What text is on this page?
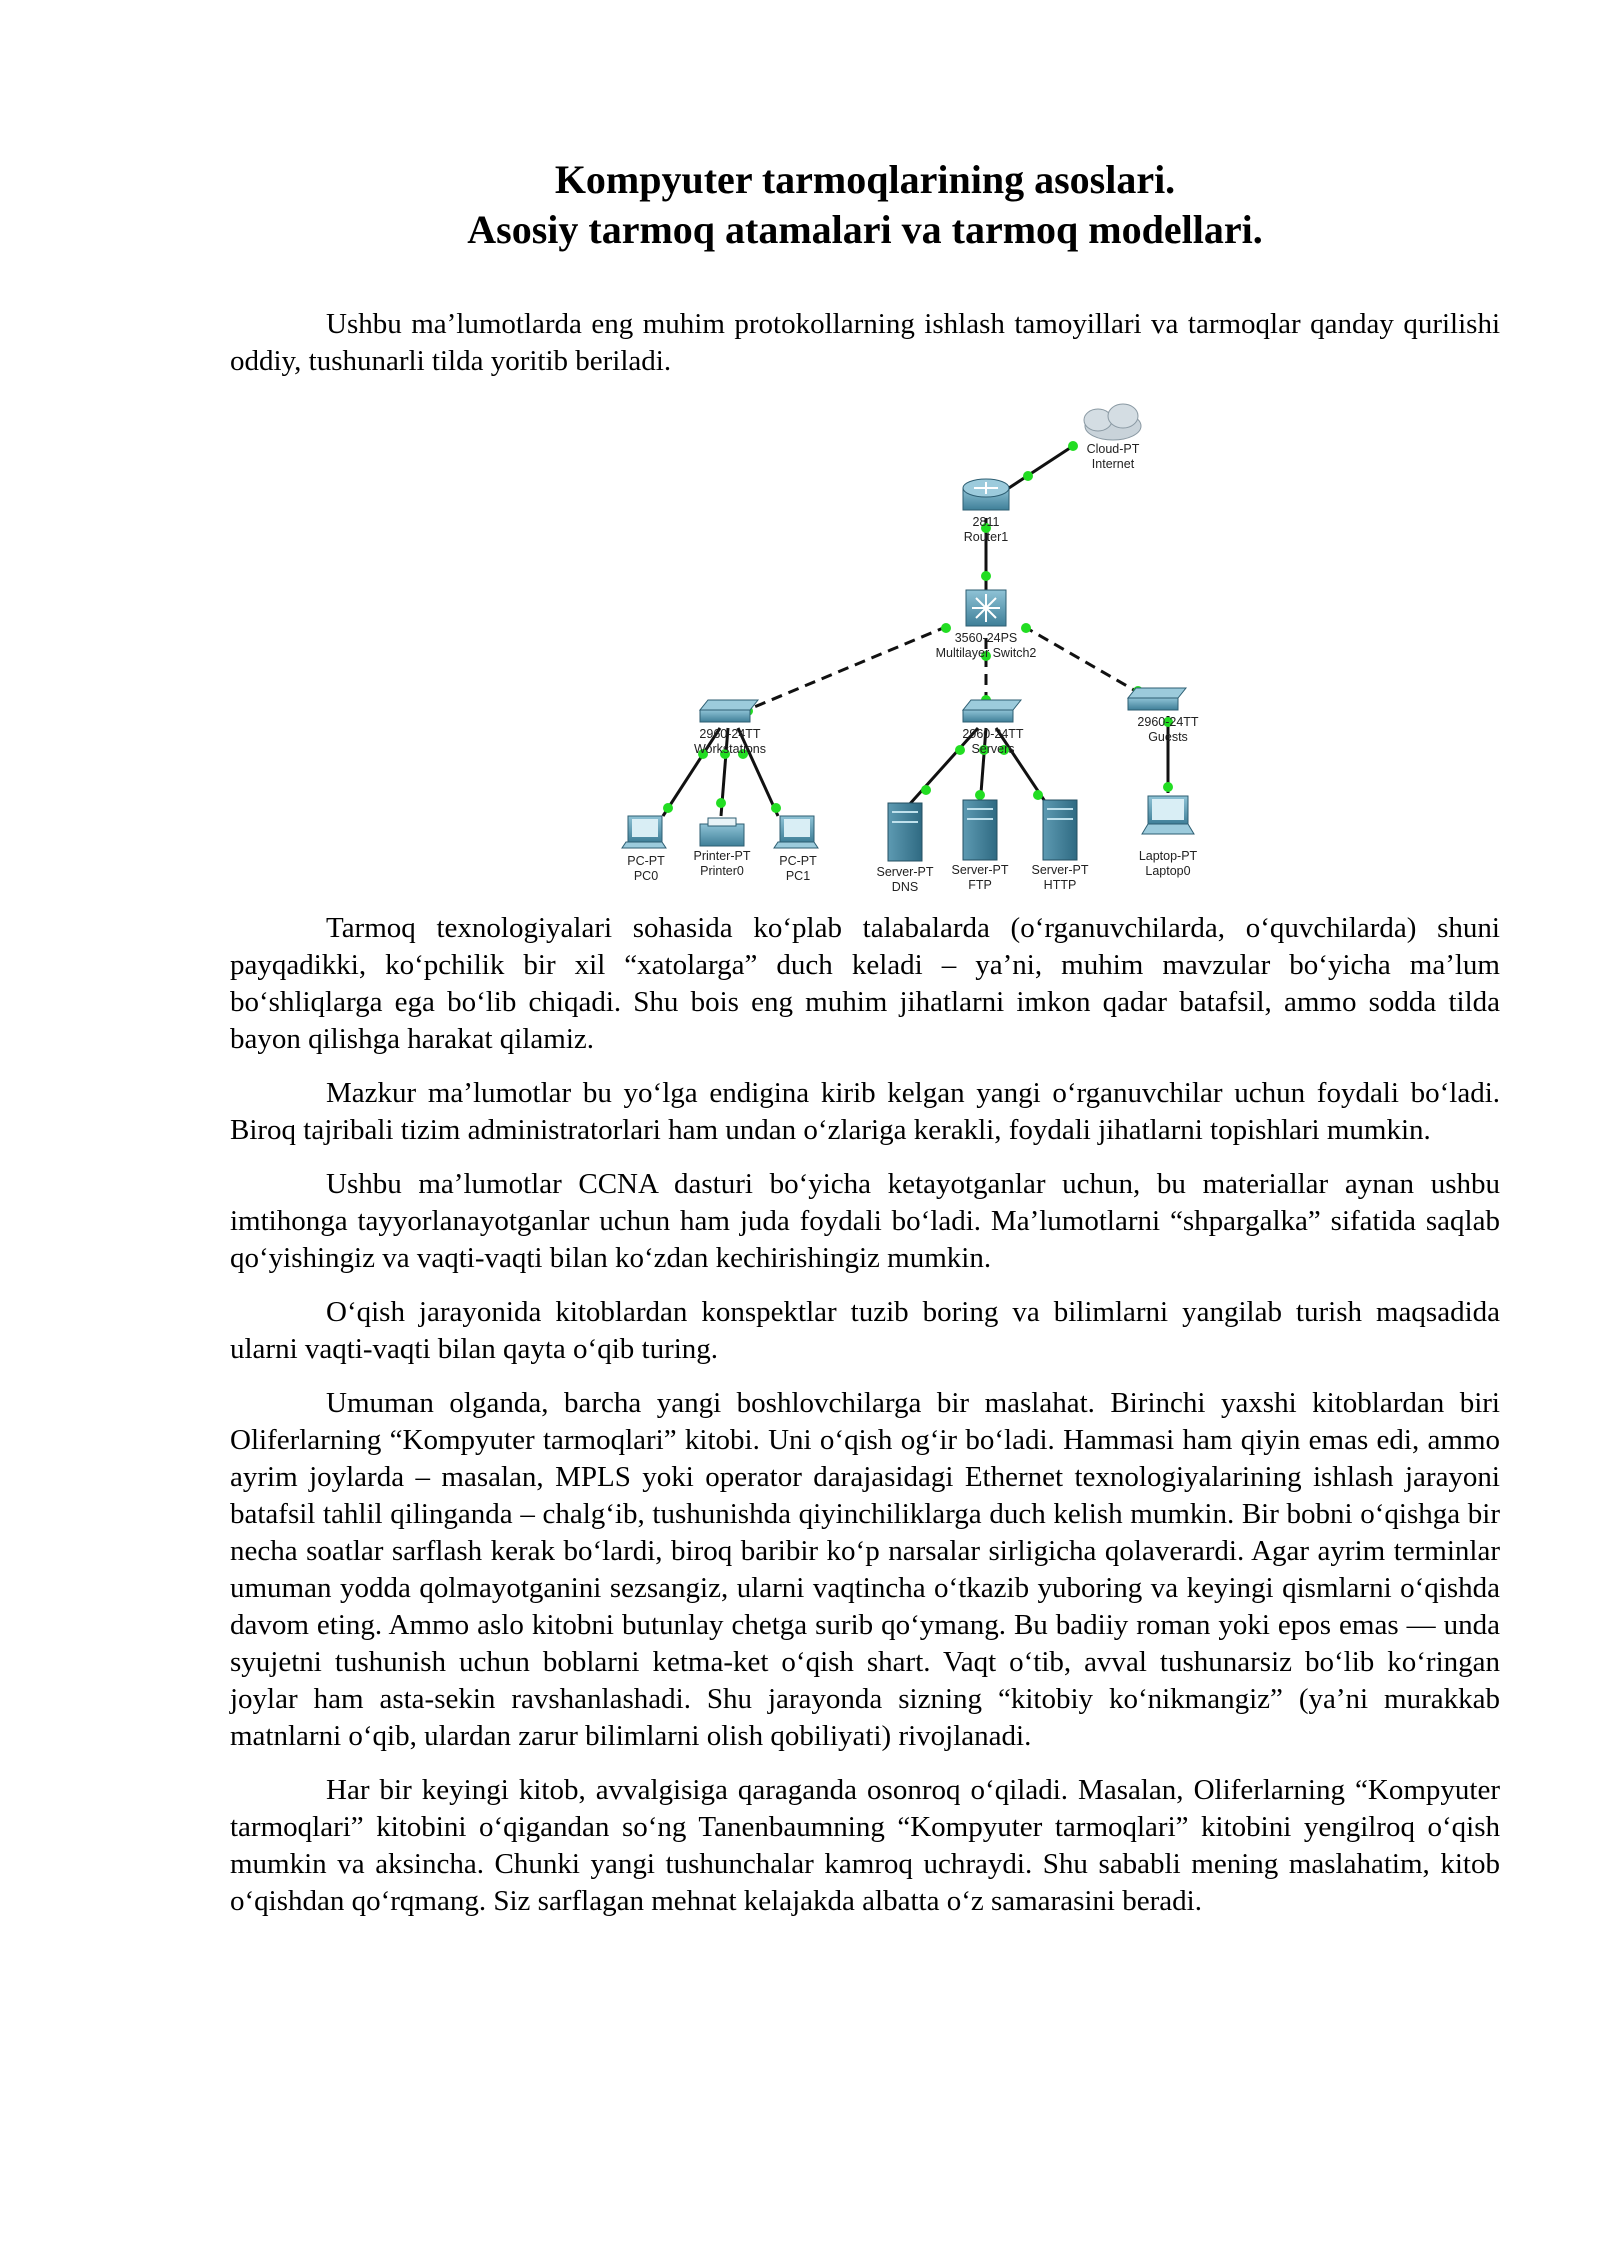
Kompyuter tarmoqlarining asoslari.
Asosiy tarmoq atamalari va tarmoq modellari.

Ushbu ma’lumotlarda eng muhim protokollarning ishlash tamoyillari va tarmoqlar qanday qurilishi oddiy, tushunarli tilda yoritib beriladi.

Cloud-PT
Internet
2811
Router1
3560-24PS
Multilayer Switch2
2960-24TT
Workstations
2960-24TT
Servers
2960-24TT
Guests
PC-PT
PC0
Printer-PT
Printer0
PC-PT
PC1	Server-PT
DNS
Server-PT
FTP
Server-PT
HTTP
Laptop-PT
Laptop0

Tarmoq texnologiyalari sohasida ko‘plab talabalarda (o‘rganuvchilarda, o‘quvchilarda) shuni payqadikki, ko‘pchilik bir xil “xatolarga” duch keladi – ya’ni, muhim mavzular bo‘yicha ma’lum bo‘shliqlarga ega bo‘lib chiqadi. Shu bois eng muhim jihatlarni imkon qadar batafsil, ammo sodda tilda bayon qilishga harakat qilamiz.

Mazkur ma’lumotlar bu yo‘lga endigina kirib kelgan yangi o‘rganuvchilar uchun foydali bo‘ladi. Biroq tajribali tizim administratorlari ham undan o‘zlariga kerakli, foydali jihatlarni topishlari mumkin.

Ushbu ma’lumotlar CCNA dasturi bo‘yicha ketayotganlar uchun, bu materiallar aynan ushbu imtihonga tayyorlanayotganlar uchun ham juda foydali bo‘ladi. Ma’lumotlarni “shpargalka” sifatida saqlab qo‘yishingiz va vaqti-vaqti bilan ko‘zdan kechirishingiz mumkin.

O‘qish jarayonida kitoblardan konspektlar tuzib boring va bilimlarni yangilab turish maqsadida ularni vaqti-vaqti bilan qayta o‘qib turing.

Umuman olganda, barcha yangi boshlovchilarga bir maslahat. Birinchi yaxshi kitoblardan biri Oliferlarning “Kompyuter tarmoqlari” kitobi. Uni o‘qish og‘ir bo‘ladi. Hammasi ham qiyin emas edi, ammo ayrim joylarda – masalan, MPLS yoki operator darajasidagi Ethernet texnologiyalarining ishlash jarayoni batafsil tahlil qilinganda – chalg‘ib, tushunishda qiyinchiliklarga duch kelish mumkin. Bir bobni o‘qishga bir necha soatlar sarflash kerak bo‘lardi, biroq baribir ko‘p narsalar sirligicha qolaverardi. Agar ayrim terminlar umuman yodda qolmayotganini sezsangiz, ularni vaqtincha o‘tkazib yuboring va keyingi qismlarni o‘qishda davom eting. Ammo aslo kitobni butunlay chetga surib qo‘ymang. Bu badiiy roman yoki epos emas — unda syujetni tushunish uchun boblarni ketma-ket o‘qish shart. Vaqt o‘tib, avval tushunarsiz bo‘lib ko‘ringan joylar ham asta-sekin ravshanlashadi. Shu jarayonda sizning “kitobiy ko‘nikmangiz” (ya’ni murakkab matnlarni o‘qib, ulardan zarur bilimlarni olish qobiliyati) rivojlanadi.

Har bir keyingi kitob, avvalgisiga qaraganda osonroq o‘qiladi. Masalan, Oliferlarning “Kompyuter tarmoqlari” kitobini o‘qigandan so‘ng Tanenbaumning “Kompyuter tarmoqlari” kitobini yengilroq o‘qish mumkin va aksincha. Chunki yangi tushunchalar kamroq uchraydi. Shu sababli mening maslahatim, kitob o‘qishdan qo‘rqmang. Siz sarflagan mehnat kelajakda albatta o‘z samarasini beradi.
